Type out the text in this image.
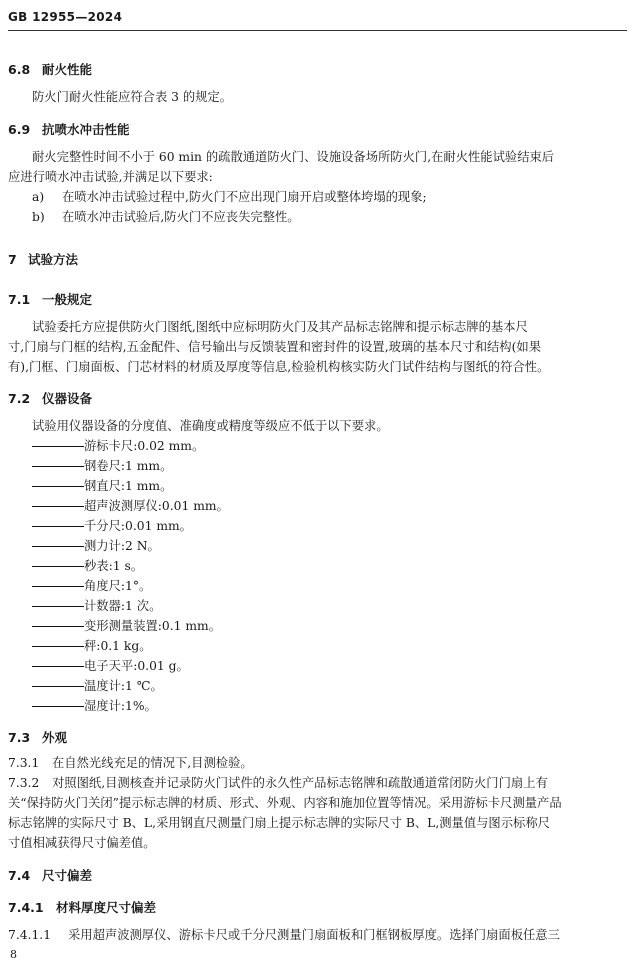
GB 12955—2024
6.8 耐火性能
防火门耐火性能应符合表 3 的规定。
6.9 抗喷水冲击性能
耐火完整性时间不小于 60 min 的疏散通道防火门、设施设备场所防火门,在耐火性能试验结束后
应进行喷水冲击试验,并满足以下要求:
a) 在喷水冲击试验过程中,防火门不应出现门扇开启或整体垮塌的现象;
b) 在喷水冲击试验后,防火门不应丧失完整性。
7 试验方法
7.1 一般规定
试验委托方应提供防火门图纸,图纸中应标明防火门及其产品标志铭牌和提示标志牌的基本尺
寸,门扇与门框的结构,五金配件、信号输出与反馈装置和密封件的设置,玻璃的基本尺寸和结构(如果
有),门框、门扇面板、门芯材料的材质及厚度等信息,检验机构核实防火门试件结构与图纸的符合性。
7.2 仪器设备
试验用仪器设备的分度值、准确度或精度等级应不低于以下要求。
游标卡尺:0.02 mm。
钢卷尺:1 mm。
钢直尺:1 mm。
超声波测厚仪:0.01 mm。
千分尺:0.01 mm。
测力计:2 N。
秒表:1 s。
角度尺:1°。
计数器:1 次。
变形测量装置:0.1 mm。
秤:0.1 kg。
电子天平:0.01 g。
温度计:1 ℃。
湿度计:1%。
7.3 外观
7.3.1 在自然光线充足的情况下,目测检验。
7.3.2 对照图纸,目测核查并记录防火门试件的永久性产品标志铭牌和疏散通道常闭防火门门扇上有
关“保持防火门关闭”提示标志牌的材质、形式、外观、内容和施加位置等情况。采用游标卡尺测量产品
标志铭牌的实际尺寸 B、L,采用钢直尺测量门扇上提示标志牌的实际尺寸 B、L,测量值与图示标称尺
寸值相减获得尺寸偏差值。
7.4 尺寸偏差
7.4.1 材料厚度尺寸偏差
7.4.1.1 采用超声波测厚仪、游标卡尺或千分尺测量门扇面板和门框钢板厚度。选择门扇面板任意三
8
